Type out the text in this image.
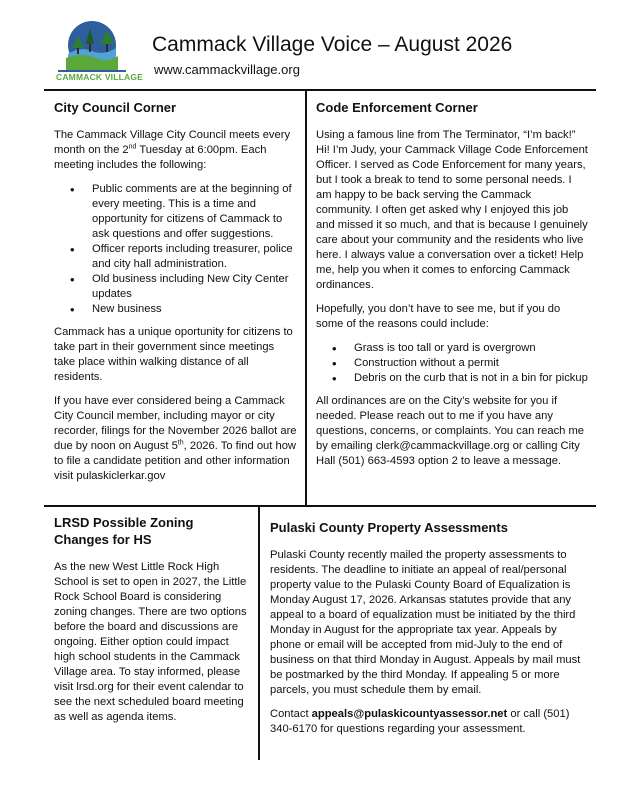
CAMMACK VILLAGE
Cammack Village Voice – August 2026
www.cammackvillage.org
City Council Corner

The Cammack Village City Council meets every month on the 2nd Tuesday at 6:00pm. Each meeting includes the following:

• Public comments are at the beginning of every meeting. This is a time and opportunity for citizens of Cammack to ask questions and offer suggestions.
• Officer reports including treasurer, police and city hall administration.
• Old business including New City Center updates
• New business

Cammack has a unique oportunity for citizens to take part in their government since meetings take place within walking distance of all residents.

If you have ever considered being a Cammack City Council member, including mayor or city recorder, filings for the November 2026 ballot are due by noon on August 5th, 2026. To find out how to file a candidate petition and other information visit pulaskiclerkar.gov

Code Enforcement Corner

Using a famous line from The Terminator, “I’m back!” Hi! I’m Judy, your Cammack Village Code Enforcement Officer. I served as Code Enforcement for many years, but I took a break to tend to some personal needs. I am happy to be back serving the Cammack community. I often get asked why I enjoyed this job and missed it so much, and that is because I genuinely care about your community and the residents who live here. I always value a conversation over a ticket! Help me, help you when it comes to enforcing Cammack ordinances.

Hopefully, you don’t have to see me, but if you do some of the reasons could include:

• Grass is too tall or yard is overgrown
• Construction without a permit
• Debris on the curb that is not in a bin for pickup

All ordinances are on the City’s website for you if needed. Please reach out to me if you have any questions, concerns, or complaints. You can reach me by emailing clerk@cammackvillage.org or calling City Hall (501) 663-4593 option 2 to leave a message.

LRSD Possible Zoning Changes for HS

As the new West Little Rock High School is set to open in 2027, the Little Rock School Board is considering zoning changes. There are two options before the board and discussions are ongoing. Either option could impact high school students in the Cammack Village area. To stay informed, please visit lrsd.org for their event calendar to see the next scheduled board meeting as well as agenda items.

Pulaski County Property Assessments

Pulaski County recently mailed the property assessments to residents. The deadline to initiate an appeal of real/personal property value to the Pulaski County Board of Equalization is Monday August 17, 2026. Arkansas statutes provide that any appeal to a board of equalization must be initiated by the third Monday in August for the appropriate tax year. Appeals by phone or email will be accepted from mid-July to the end of business on that third Monday in August. Appeals by mail must be postmarked by the third Monday. If appealing 5 or more parcels, you must schedule them by email.

Contact appeals@pulaskicountyassessor.net or call (501) 340-6170 for questions regarding your assessment.
